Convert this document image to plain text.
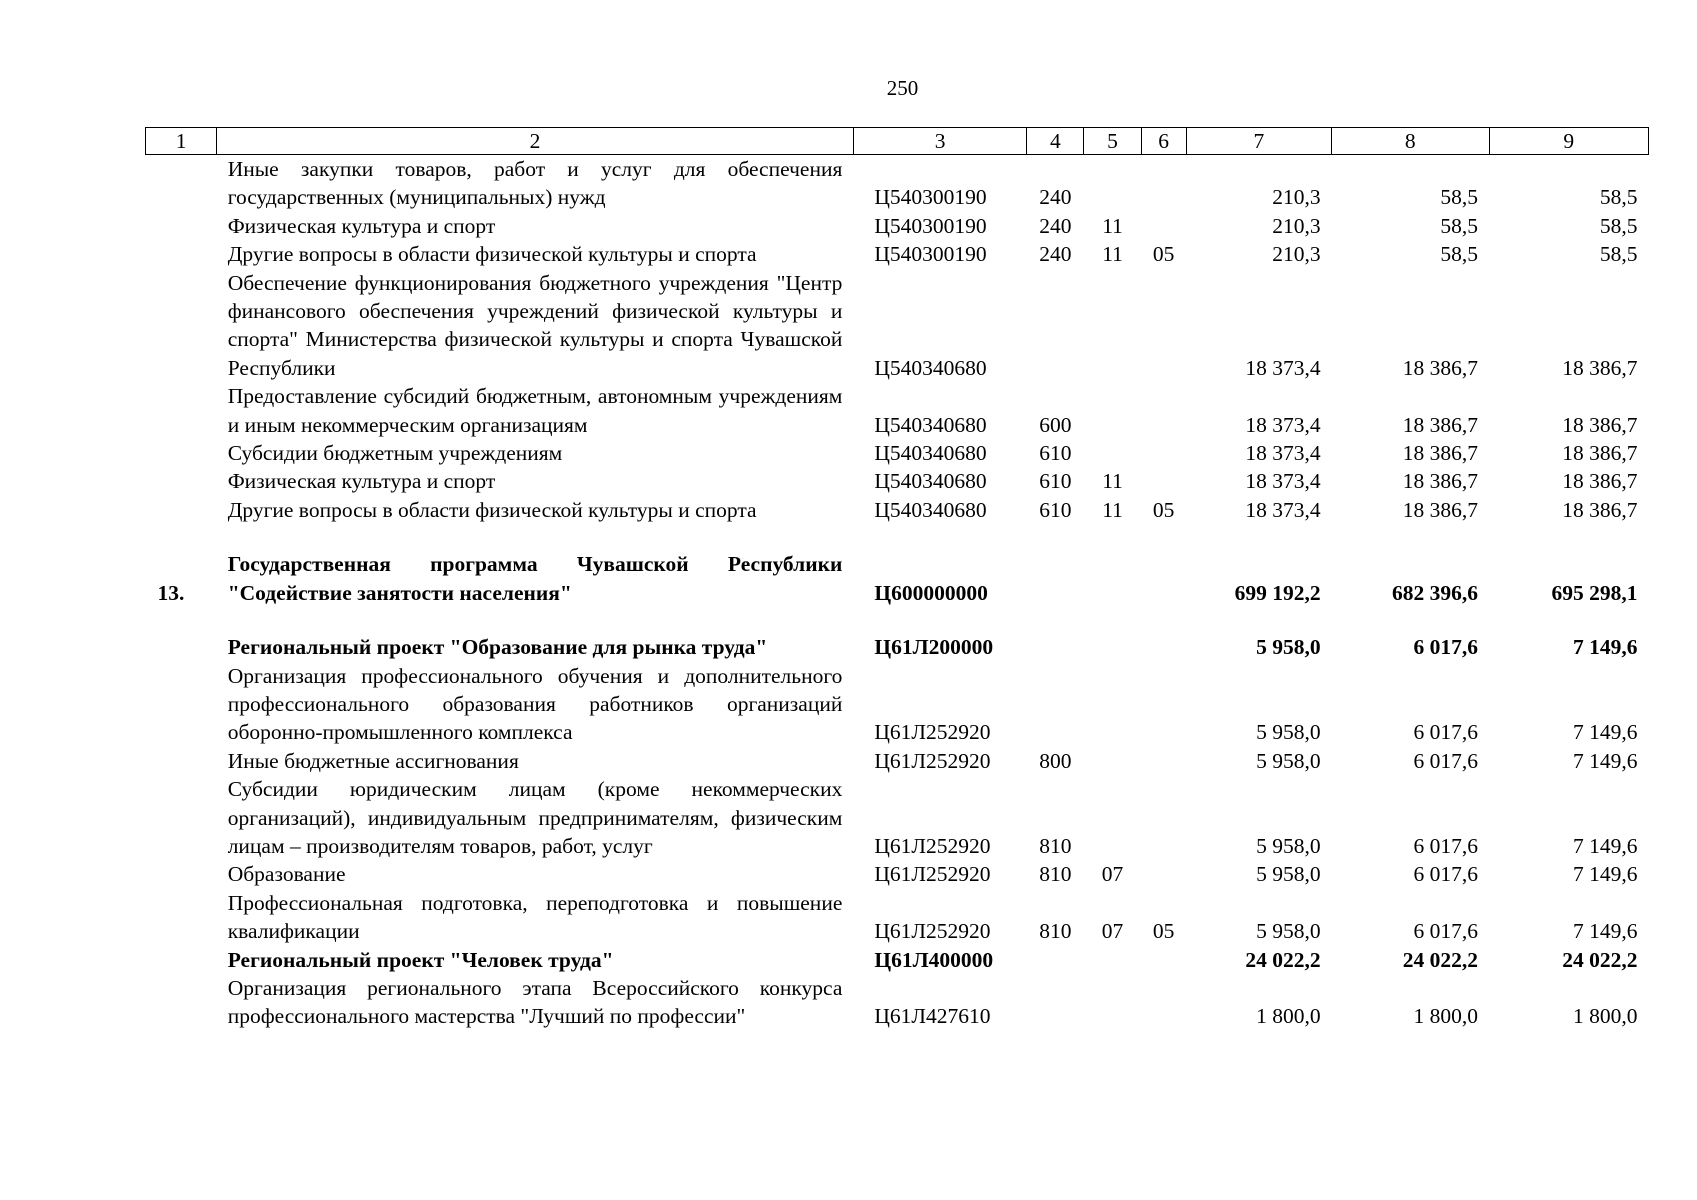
250
1	2	3	4	5	6	7	8	9

	Иные закупки товаров, работ и услуг для обеспечения государственных (муниципальных) нужд	Ц540300190	240			210,3	58,5	58,5

	Физическая культура и спорт	Ц540300190	240	11		210,3	58,5	58,5

	Другие вопросы в области физической культуры и спорта	Ц540300190	240	11	05	210,3	58,5	58,5

	Обеспечение функционирования бюджетного учреждения "Центр финансового обеспечения учреждений физической культуры и спорта" Министерства физической культуры и спорта Чувашской Республики	Ц540340680				18 373,4	18 386,7	18 386,7

	Предоставление субсидий бюджетным, автономным учреждениям и иным некоммерческим организациям	Ц540340680	600			18 373,4	18 386,7	18 386,7

	Субсидии бюджетным учреждениям	Ц540340680	610			18 373,4	18 386,7	18 386,7

	Физическая культура и спорт	Ц540340680	610	11		18 373,4	18 386,7	18 386,7

	Другие вопросы в области физической культуры и спорта	Ц540340680	610	11	05	18 373,4	18 386,7	18 386,7

13.	Государственная программа Чувашской Республики "Содействие занятости населения"	Ц600000000				699 192,2	682 396,6	695 298,1

	Региональный проект "Образование для рынка труда"	Ц61Л200000				5 958,0	6 017,6	7 149,6

	Организация профессионального обучения и дополнительного профессионального образования работников организаций оборонно-промышленного комплекса	Ц61Л252920				5 958,0	6 017,6	7 149,6

	Иные бюджетные ассигнования	Ц61Л252920	800			5 958,0	6 017,6	7 149,6

	Субсидии юридическим лицам (кроме некоммерческих организаций), индивидуальным предпринимателям, физическим лицам – производителям товаров, работ, услуг	Ц61Л252920	810			5 958,0	6 017,6	7 149,6

	Образование	Ц61Л252920	810	07		5 958,0	6 017,6	7 149,6

	Профессиональная подготовка, переподготовка и повышение квалификации	Ц61Л252920	810	07	05	5 958,0	6 017,6	7 149,6

	Региональный проект "Человек труда"	Ц61Л400000				24 022,2	24 022,2	24 022,2

	Организация регионального этапа Всероссийского конкурса профессионального мастерства "Лучший по профессии"	Ц61Л427610				1 800,0	1 800,0	1 800,0
